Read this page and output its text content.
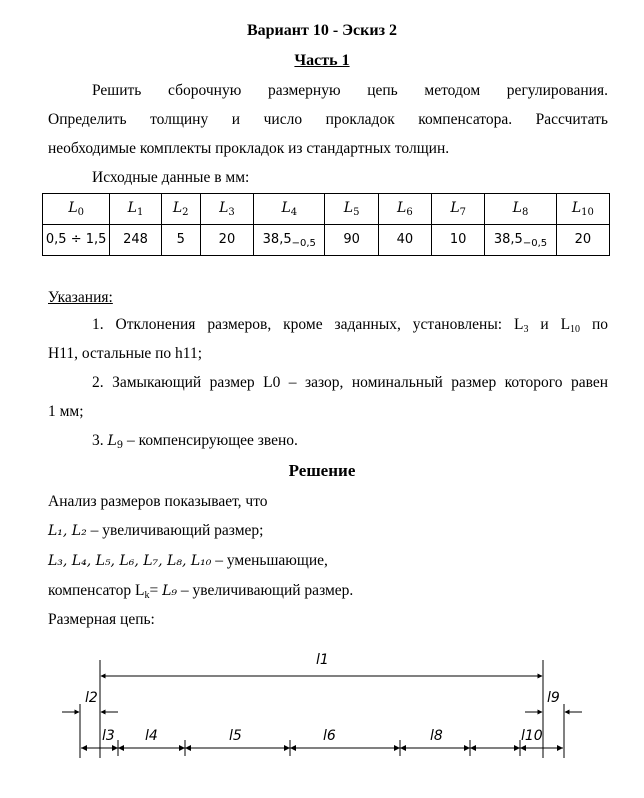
Вариант 10 - Эскиз 2
Часть 1
Решить сборочную размерную цепь методом регулирования.
Определить толщину и число прокладок компенсатора. Рассчитать
необходимые комплекты прокладок из стандартных толщин.
Исходные данные в мм:
$L_0$	$L_1$	$L_2$	$L_3$	$L_4$	$L_5$	$L_6$	$L_7$	$L_8$	$L_{10}$
0,5 ÷ 1,5	248	5	20	$38,5_{-0,5}$	90	40	10	$38,5_{-0,5}$	20
Указания:
1. Отклонения размеров, кроме заданных, установлены: $L_3$ и $L_{10}$ по
H11, остальные по h11;
2. Замыкающий размер L0 – зазор, номинальный размер которого равен
1 мм;
3. $L_9$ – компенсирующее звено.
Решение
Анализ размеров показывает, что
L₁, L₂ – увеличивающий размер;
L₃, L₄, L₅, L₆, L₇, L₈, L₁₀ – уменьшающие,
компенсатор $L_k= L_9$ – увеличивающий размер.
Размерная цепь:
l1
l2	l9
l3 l4	l5	l6	l8	l10
